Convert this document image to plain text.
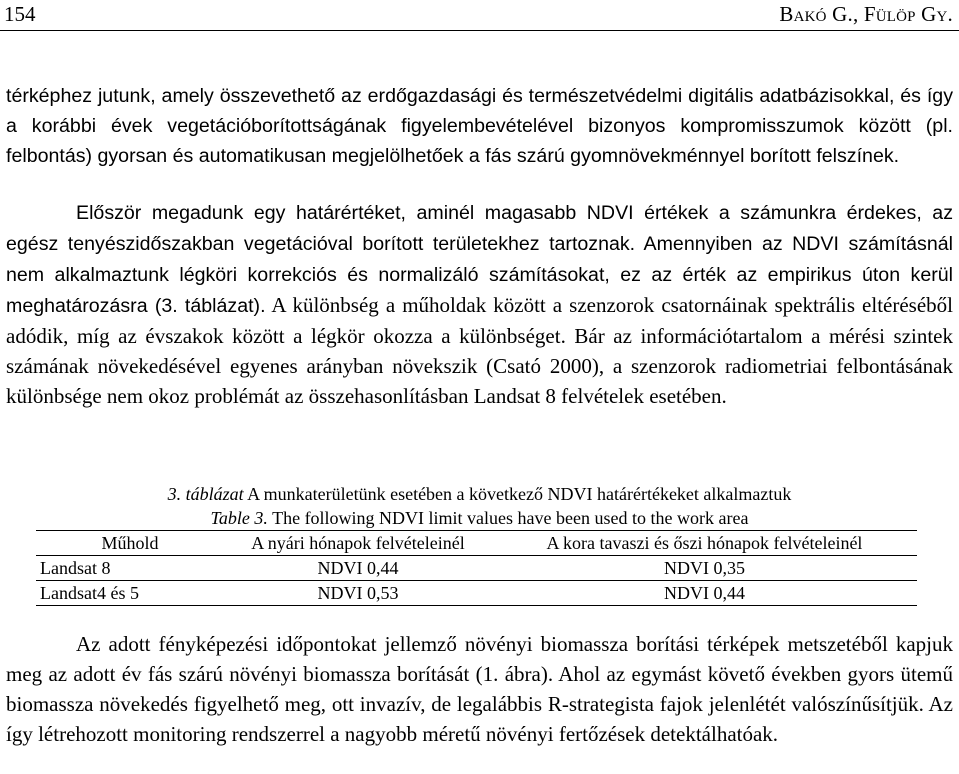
154	Bakó G., Fülöp Gy.

térképhez jutunk, amely összevethető az erdőgazdasági és természetvédelmi digitális adatbázisokkal, és így a korábbi évek vegetációborítottságának figyelembevételével bizonyos kompromisszumok között (pl. felbontás) gyorsan és automatikusan megjelölhetőek a fás szárú gyomnövekménnyel borított felszínek.

Először megadunk egy határértéket, aminél magasabb NDVI értékek a számunkra érdekes, az egész tenyészidőszakban vegetációval borított területekhez tartoznak. Amennyiben az NDVI számításnál nem alkalmaztunk légköri korrekciós és normalizáló számításokat, ez az érték az empirikus úton kerül meghatározásra (3. táblázat). A különbség a műholdak között a szenzorok csatornáinak spektrális eltéréséből adódik, míg az évszakok között a légkör okozza a különbséget. Bár az információtartalom a mérési szintek számának növekedésével egyenes arányban növekszik (Csató 2000), a szenzorok radiometriai felbontásának különbsége nem okoz problémát az összehasonlításban Landsat 8 felvételek esetében.

3. táblázat A munkaterületünk esetében a következő NDVI határértékeket alkalmaztuk
Table 3. The following NDVI limit values have been used to the work area
Műhold	A nyári hónapok felvételeinél	A kora tavaszi és őszi hónapok felvételeinél
Landsat 8	NDVI 0,44	NDVI 0,35
Landsat4 és 5	NDVI 0,53	NDVI 0,44

Az adott fényképezési időpontokat jellemző növényi biomassza borítási térképek metszetéből kapjuk meg az adott év fás szárú növényi biomassza borítását (1. ábra). Ahol az egymást követő években gyors ütemű biomassza növekedés figyelhető meg, ott invazív, de legalábbis R-strategista fajok jelenlétét valószínűsítjük. Az így létrehozott monitoring rendszerrel a nagyobb méretű növényi fertőzések detektálhatóak.
